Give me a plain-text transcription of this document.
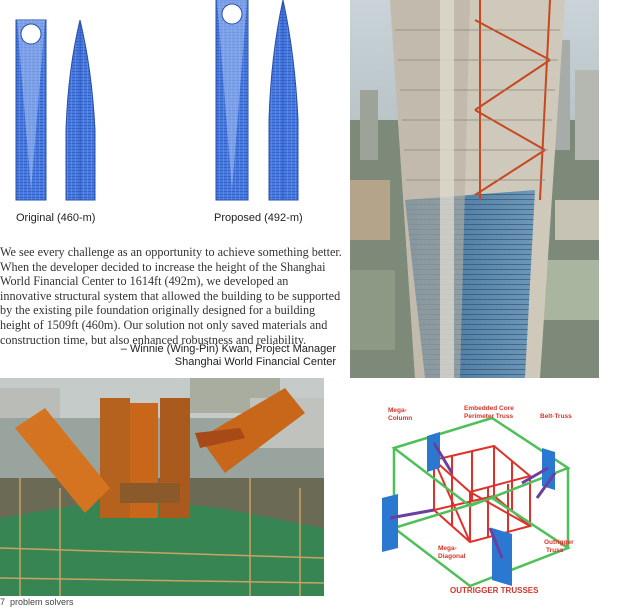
Original (460-m)	Proposed (492-m)
We see every challenge as an opportunity to achieve something better. When the developer decided to increase the height of the Shanghai World Financial Center to 1614ft (492m), we developed an innovative structural system that allowed the building to be supported by the existing pile foundation originally designed for a building height of 1509ft (460m). Our solution not only saved materials and construction time, but also enhanced robustness and reliability.
– Winnie (Wing-Pin) Kwan, Project Manager
Shanghai World Financial Center
Mega- Column
Embedded Core Perimeter Truss	Belt-Truss
Outrigger Truss
Mega- Diagonal
OUTRIGGER TRUSSES
7 problem solvers
